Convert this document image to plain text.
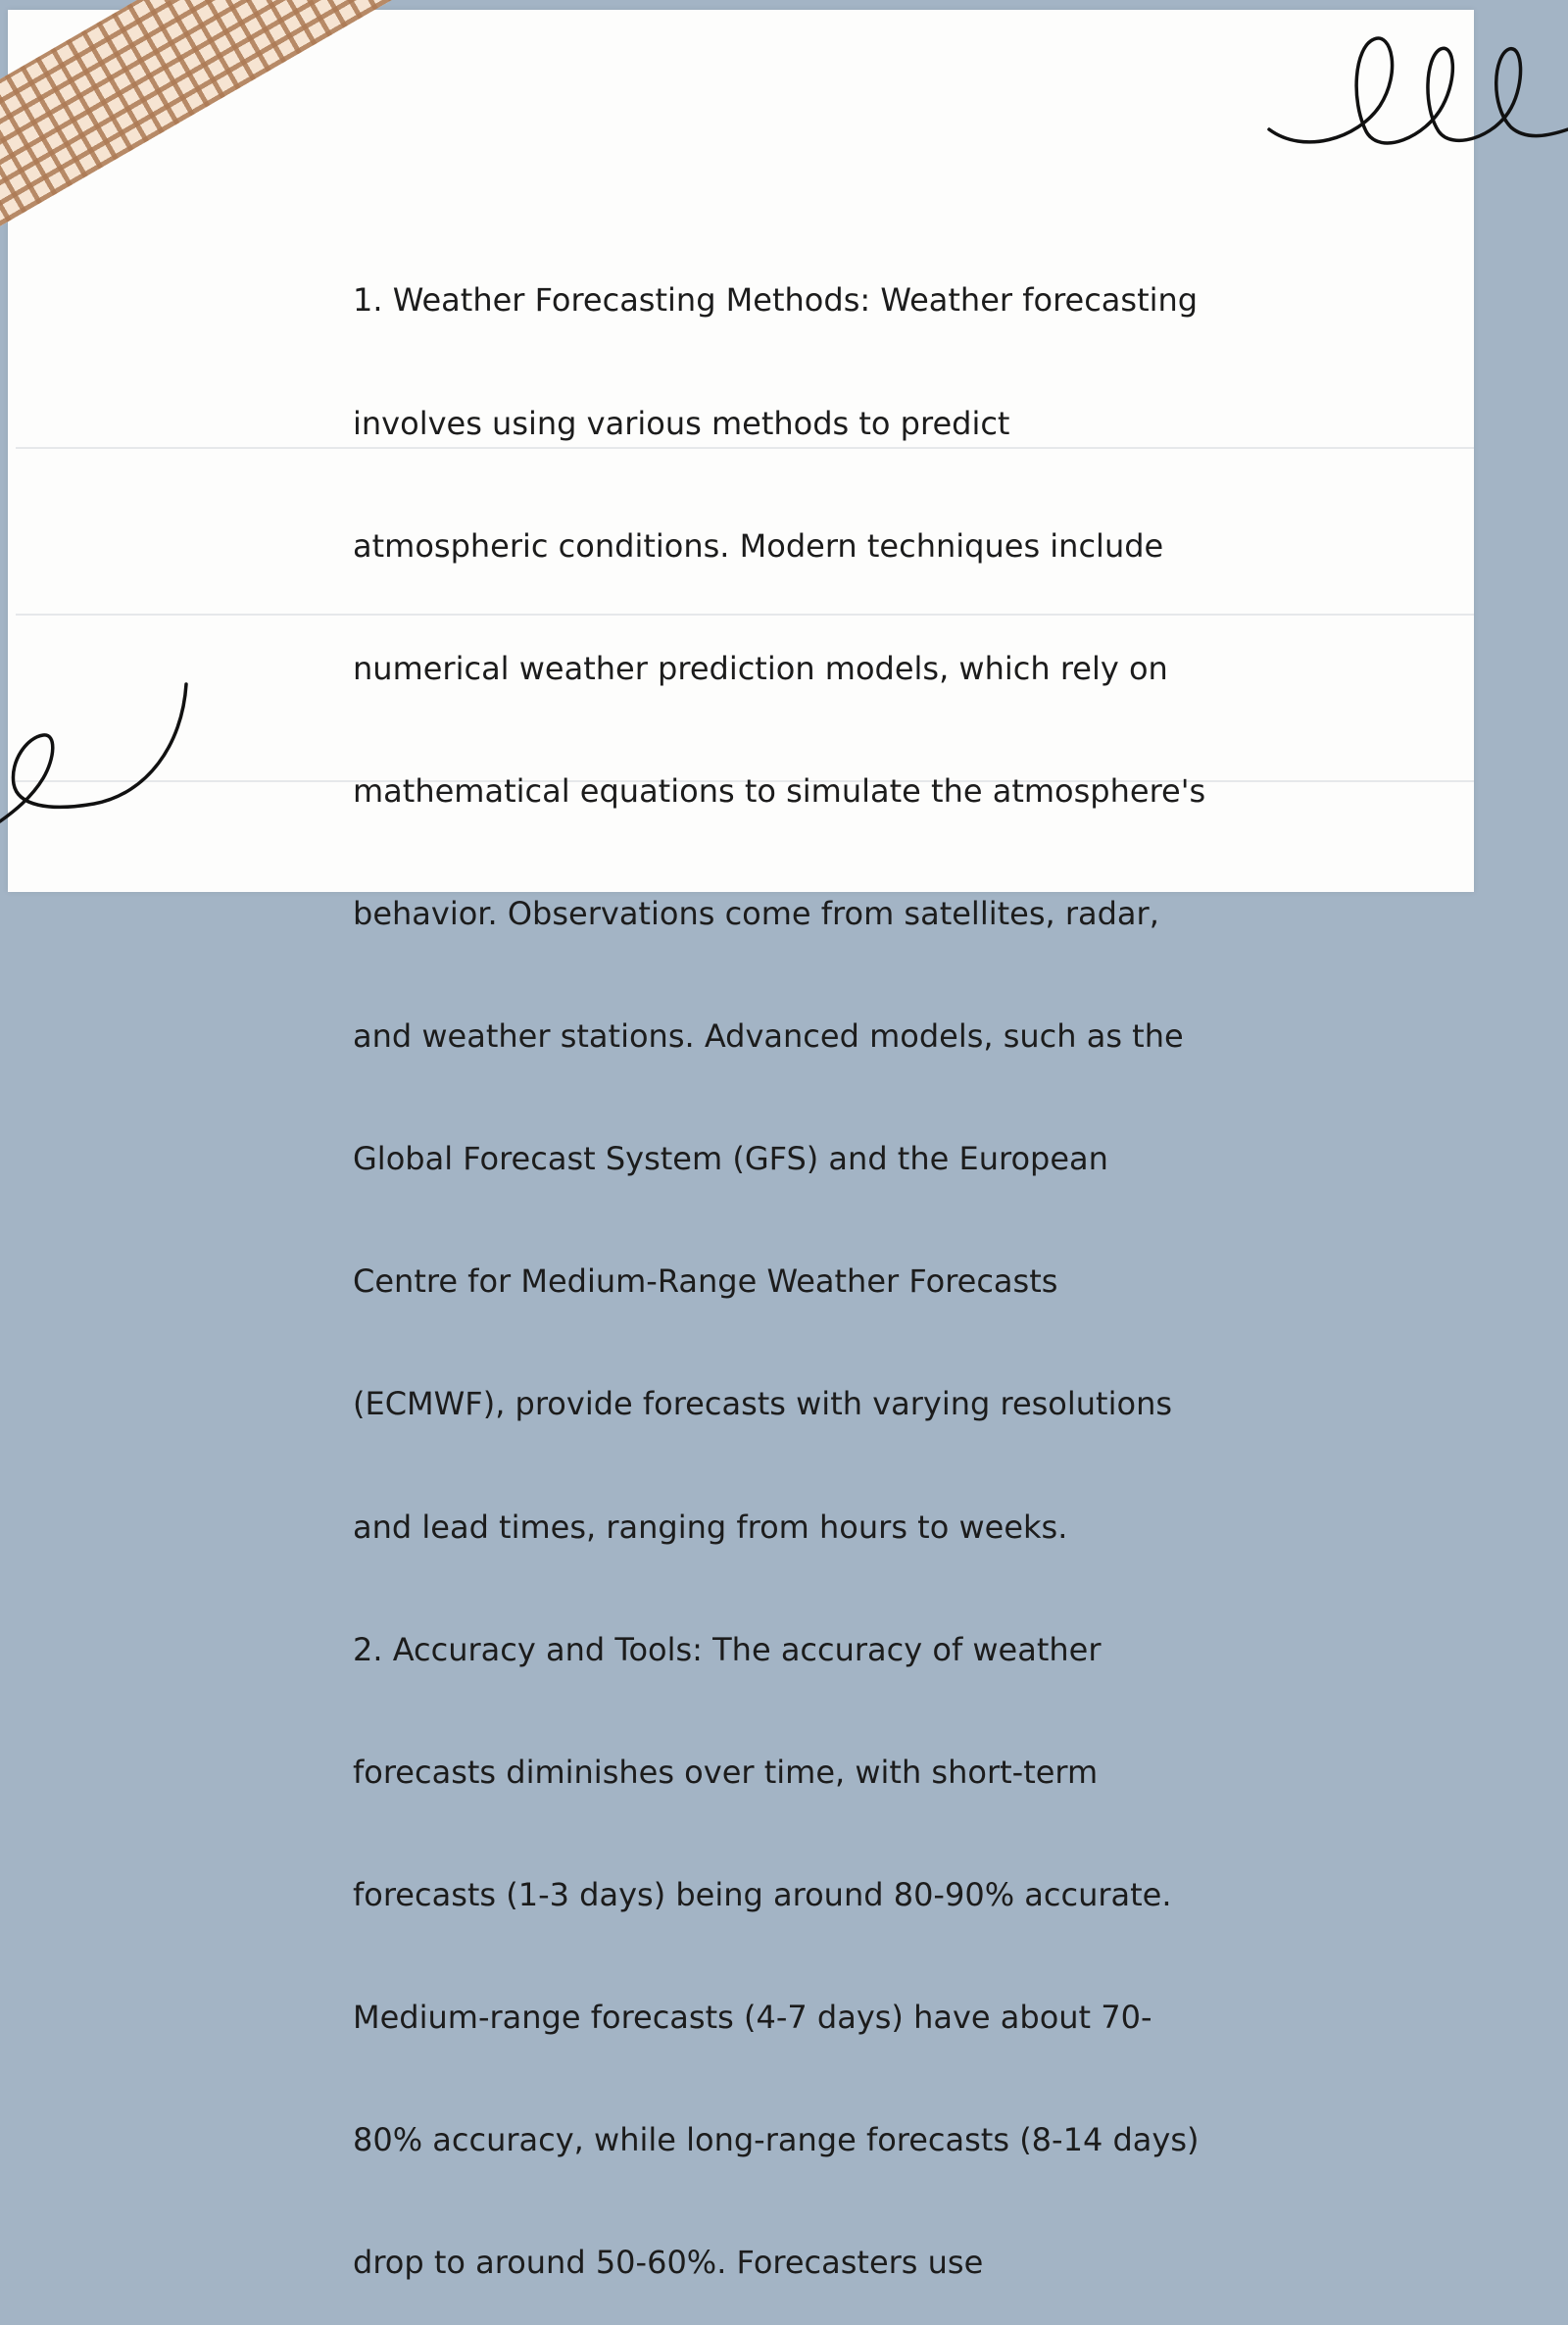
1. Weather Forecasting Methods: Weather forecasting

involves using various methods to predict

atmospheric conditions. Modern techniques include

numerical weather prediction models, which rely on

mathematical equations to simulate the atmosphere's

behavior. Observations come from satellites, radar,

and weather stations. Advanced models, such as the

Global Forecast System (GFS) and the European

Centre for Medium-Range Weather Forecasts

(ECMWF), provide forecasts with varying resolutions

and lead times, ranging from hours to weeks.

2. Accuracy and Tools: The accuracy of weather

forecasts diminishes over time, with short-term

forecasts (1-3 days) being around 80-90% accurate.

Medium-range forecasts (4-7 days) have about 70-

80% accuracy, while long-range forecasts (8-14 days)

drop to around 50-60%. Forecasters use
